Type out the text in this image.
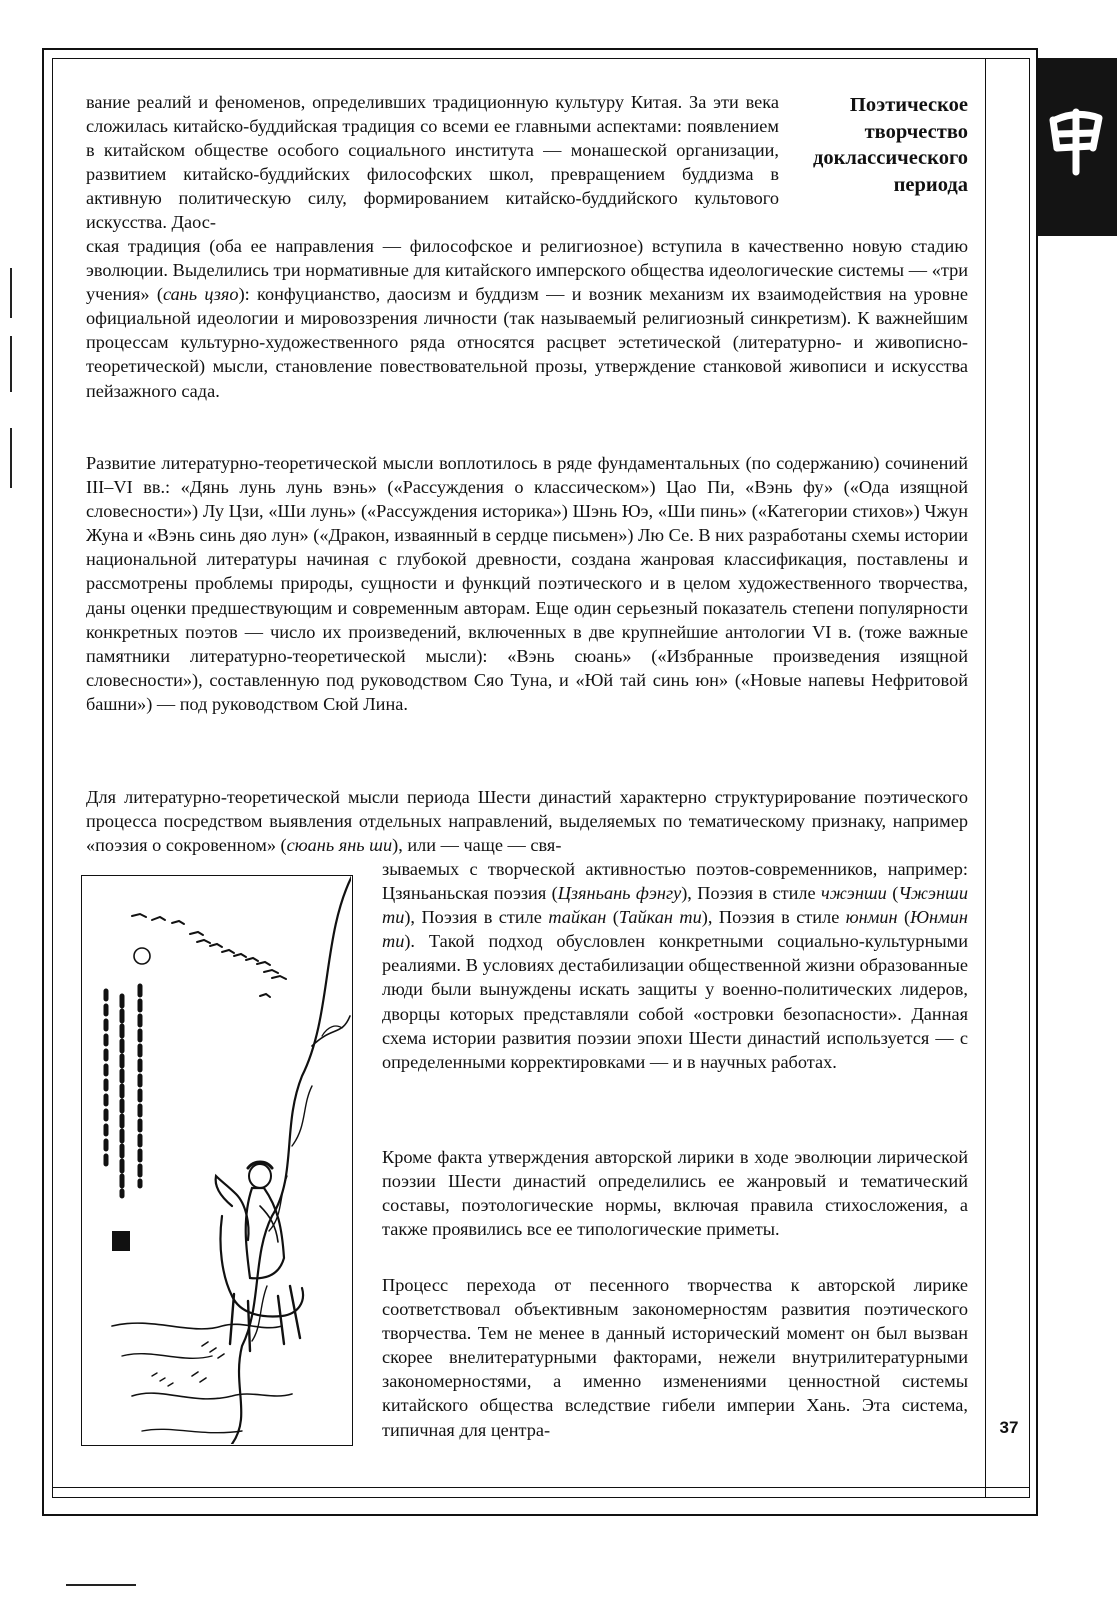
Поэтическое творчество доклассического периода

вание реалий и феноменов, определивших традиционную культуру Китая. За эти века сложилась китайско-буддийская традиция со всеми ее главными аспектами: появлением в китайском обществе особого социального института — монашеской организации, развитием китайско-буддийских философских школ, превращением буддизма в активную политическую силу, формированием китайско-буддийского культового искусства. Даос-

ская традиция (оба ее направления — философское и религиозное) вступила в качественно новую стадию эволюции. Выделились три нормативные для китайского имперского общества идеологические системы — «три учения» (сань цзяо): конфуцианство, даосизм и буддизм — и возник механизм их взаимодействия на уровне официальной идеологии и мировоззрения личности (так называемый религиозный синкретизм). К важнейшим процессам культурно-художественного ряда относятся расцвет эстетической (литературно- и живописно-теоретической) мысли, становление повествовательной прозы, утверждение станковой живописи и искусства пейзажного сада.

Развитие литературно-теоретической мысли воплотилось в ряде фундаментальных (по содержанию) сочинений III–VI вв.: «Дянь лунь лунь вэнь» («Рассуждения о классическом») Цао Пи, «Вэнь фу» («Ода изящной словесности») Лу Цзи, «Ши лунь» («Рассуждения историка») Шэнь Юэ, «Ши пинь» («Категории стихов») Чжун Жуна и «Вэнь синь дяо лун» («Дракон, изваянный в сердце письмен») Лю Се. В них разработаны схемы истории национальной литературы начиная с глубокой древности, создана жанровая классификация, поставлены и рассмотрены проблемы природы, сущности и функций поэтического и в целом художественного творчества, даны оценки предшествующим и современным авторам. Еще один серьезный показатель степени популярности конкретных поэтов — число их произведений, включенных в две крупнейшие антологии VI в. (тоже важные памятники литературно-теоретической мысли): «Вэнь сюань» («Избранные произведения изящной словесности»), составленную под руководством Сяо Туна, и «Юй тай синь юн» («Новые напевы Нефритовой башни») — под руководством Сюй Лина.

Для литературно-теоретической мысли периода Шести династий характерно структурирование поэтического процесса посредством выявления отдельных направлений, выделяемых по тематическому признаку, например «поэзия о сокровенном» (сюань янь ши), или — чаще — свя-

зываемых с творческой активностью поэтов-современников, например: Цзяньаньская поэзия (Цзяньань фэнгу), Поэзия в стиле чжэнши (Чжэнши ти), Поэзия в стиле тайкан (Тайкан ти), Поэзия в стиле юнмин (Юнмин ти). Такой подход обусловлен конкретными социально-культурными реалиями. В условиях дестабилизации общественной жизни образованные люди были вынуждены искать защиты у военно-политических лидеров, дворцы которых представляли собой «островки безопасности». Данная схема истории развития поэзии эпохи Шести династий используется — с определенными корректировками — и в научных работах.

Кроме факта утверждения авторской лирики в ходе эволюции лирической поэзии Шести династий определились ее жанровый и тематический составы, поэтологические нормы, включая правила стихосложения, а также проявились все ее типологические приметы.

Процесс перехода от песенного творчества к авторской лирике соответствовал объективным закономерностям развития поэтического творчества. Тем не менее в данный исторический момент он был вызван скорее внелитературными факторами, нежели внутрилитературными закономерностями, а именно изменениями ценностной системы китайского общества вследствие гибели империи Хань. Эта система, типичная для центра-	37
